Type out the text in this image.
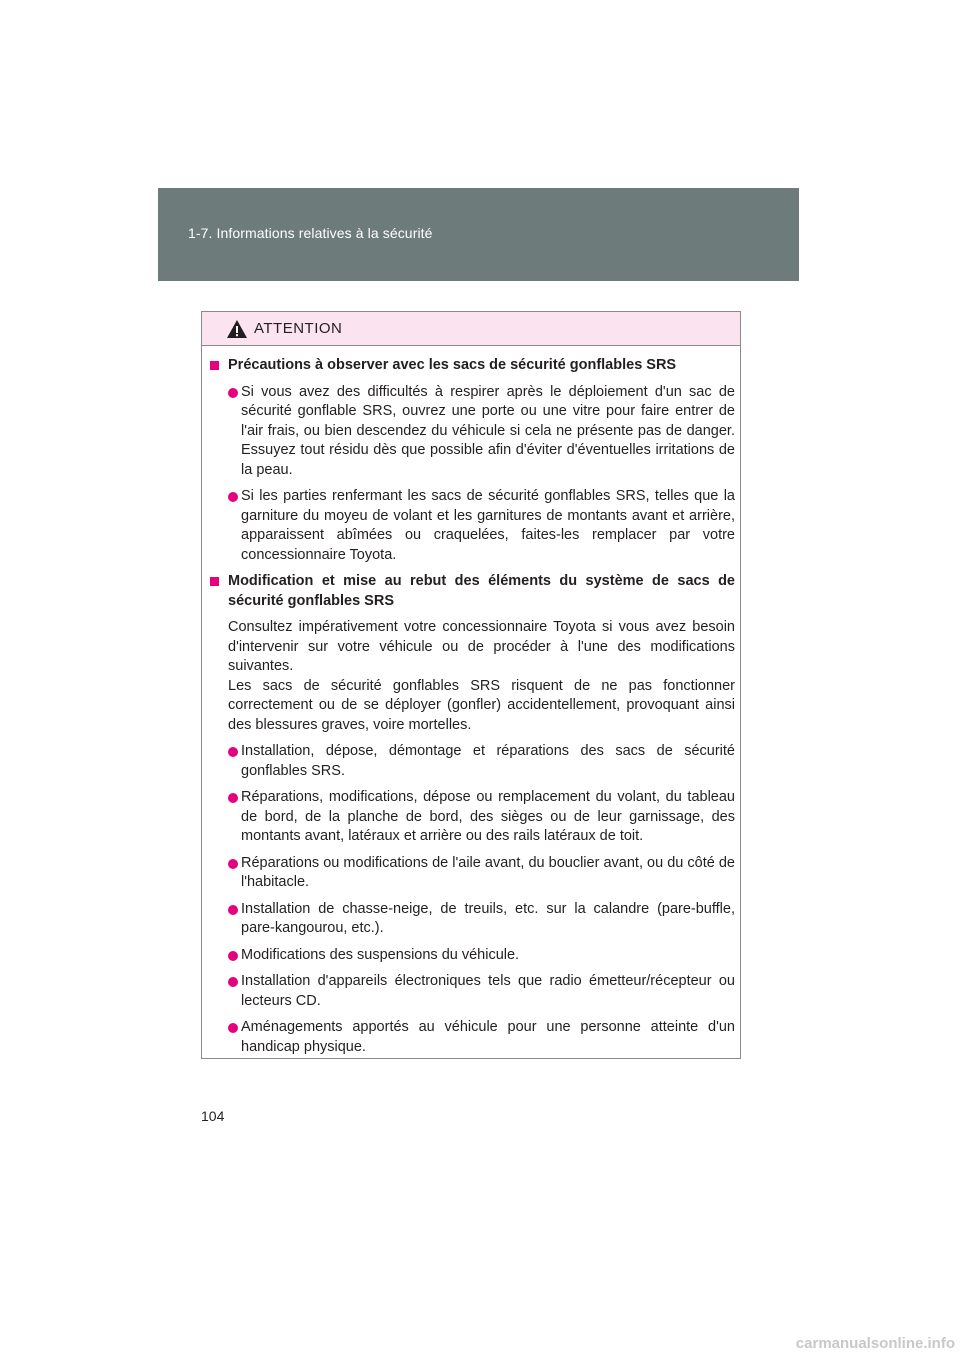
1-7. Informations relatives à la sécurité
ATTENTION
Précautions à observer avec les sacs de sécurité gonflables SRS
Si vous avez des difficultés à respirer après le déploiement d'un sac de sécurité gonflable SRS, ouvrez une porte ou une vitre pour faire entrer de l'air frais, ou bien descendez du véhicule si cela ne présente pas de danger. Essuyez tout résidu dès que possible afin d'éviter d'éventuelles irritations de la peau.
Si les parties renfermant les sacs de sécurité gonflables SRS, telles que la garniture du moyeu de volant et les garnitures de montants avant et arrière, apparaissent abîmées ou craquelées, faites-les remplacer par votre concessionnaire Toyota.
Modification et mise au rebut des éléments du système de sacs de sécurité gonflables SRS
Consultez impérativement votre concessionnaire Toyota si vous avez besoin d'intervenir sur votre véhicule ou de procéder à l'une des modifications suivantes.
Les sacs de sécurité gonflables SRS risquent de ne pas fonctionner correctement ou de se déployer (gonfler) accidentellement, provoquant ainsi des blessures graves, voire mortelles.
Installation, dépose, démontage et réparations des sacs de sécurité gonflables SRS.
Réparations, modifications, dépose ou remplacement du volant, du tableau de bord, de la planche de bord, des sièges ou de leur garnissage, des montants avant, latéraux et arrière ou des rails latéraux de toit.
Réparations ou modifications de l'aile avant, du bouclier avant, ou du côté de l'habitacle.
Installation de chasse-neige, de treuils, etc. sur la calandre (pare-buffle, pare-kangourou, etc.).
Modifications des suspensions du véhicule.
Installation d'appareils électroniques tels que radio émetteur/récepteur ou lecteurs CD.
Aménagements apportés au véhicule pour une personne atteinte d'un handicap physique.
104
carmanualsonline.info
